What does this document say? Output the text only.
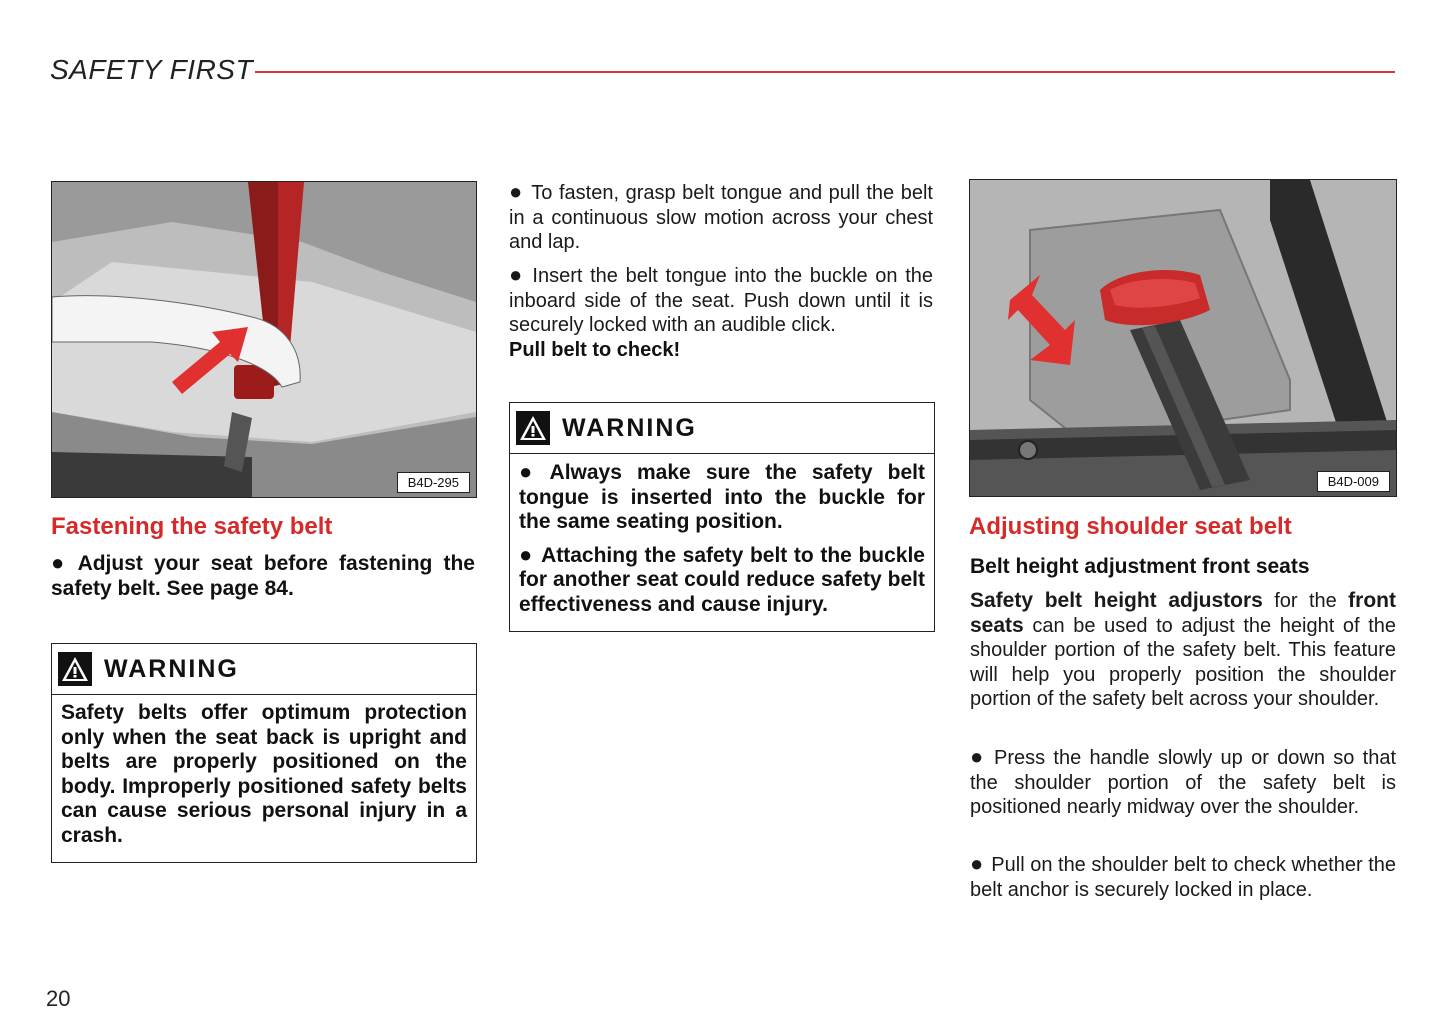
SAFETY FIRST
B4D-295
Fastening the safety belt

● Adjust your seat before fastening the safety belt. See page 84.

WARNING

Safety belts offer optimum protection only when the seat back is upright and belts are properly positioned on the body. Improperly positioned safety belts can cause serious personal injury in a crash.

● To fasten, grasp belt tongue and pull the belt in a continuous slow motion across your chest and lap.

● Insert the belt tongue into the buckle on the inboard side of the seat. Push down until it is securely locked with an audible click.

Pull belt to check!

WARNING

● Always make sure the safety belt tongue is inserted into the buckle for the same seating position.

● Attaching the safety belt to the buckle for another seat could reduce safety belt effectiveness and cause injury.

B4D-009
Adjusting shoulder seat belt

Belt height adjustment front seats

Safety belt height adjustors for the front seats can be used to adjust the height of the shoulder portion of the safety belt. This feature will help you properly position the shoulder portion of the safety belt across your shoulder.

● Press the handle slowly up or down so that the shoulder portion of the safety belt is positioned nearly midway over the shoulder.

● Pull on the shoulder belt to check whether the belt anchor is securely locked in place.

20
